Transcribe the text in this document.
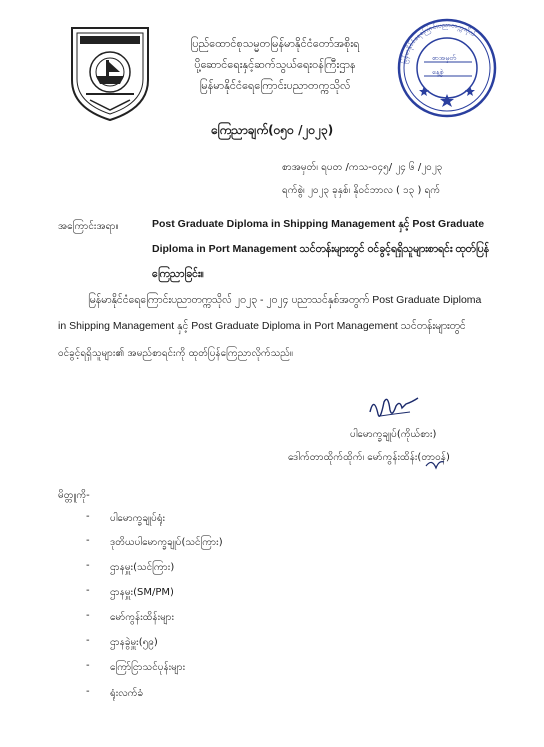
ပြည်ထောင်စုသမ္မတမြန်မာနိုင်ငံတော်အစိုးရ
ပို့ဆောင်ရေးနှင့်ဆက်သွယ်ရေးဝန်ကြီးဌာန
မြန်မာနိုင်ငံရေကြောင်းပညာတက္ကသိုလ်
စာအမှတ်
နေ့စွဲ
မြန်မာနိုင်ငံရေကြောင်းပညာတက္ကသိုလ်
ကြေညာချက်(၀၅၀ /၂၀၂၃)
စာအမှတ်၊ ရပတ /ကသ-၀၄၅/ ၂၄ ၆ /၂၀၂၃
ရက်စွဲ၊ ၂၀၂၃ ခုနှစ်၊ နိုဝင်ဘာလ ( ၁၃ ) ရက်
အကြောင်းအရာ။	Post Graduate Diploma in Shipping Management နှင့် Post Graduate
Diploma in Port Management သင်တန်းများတွင် ဝင်ခွင့်ရရှိသူများစာရင်း ထုတ်ပြန်
ကြေညာခြင်း။
မြန်မာနိုင်ငံရေကြောင်းပညာတက္ကသိုလ် ၂၀၂၃ - ၂၀၂၄ ပညာသင်နှစ်အတွက် Post Graduate Diploma
in Shipping Management နှင့် Post Graduate Diploma in Port Management သင်တန်းများတွင်
ဝင်ခွင့်ရရှိသူများ၏ အမည်စာရင်းကို ထုတ်ပြန်ကြေညာလိုက်သည်။
ပါမောက္ခချုပ်(ကိုယ်စား)
ဒေါက်တာထိုက်ထိုက်၊ မော်ကွန်းထိန်း(တာဝန်)
မိတ္တူကို-
- ပါမောက္ခချုပ်ရုံး
- ဒုတိယပါမောက္ခချုပ်(သင်ကြား)
- ဌာနမှူး(သင်ကြား)
- ဌာနမှူး(SM/PM)
- မော်ကွန်းထိန်းများ
- ဌာနခွဲမှူး(၅၉)
- ကြော်ငြာသင်ပုန်းများ
- ရုံးလက်ခံ
